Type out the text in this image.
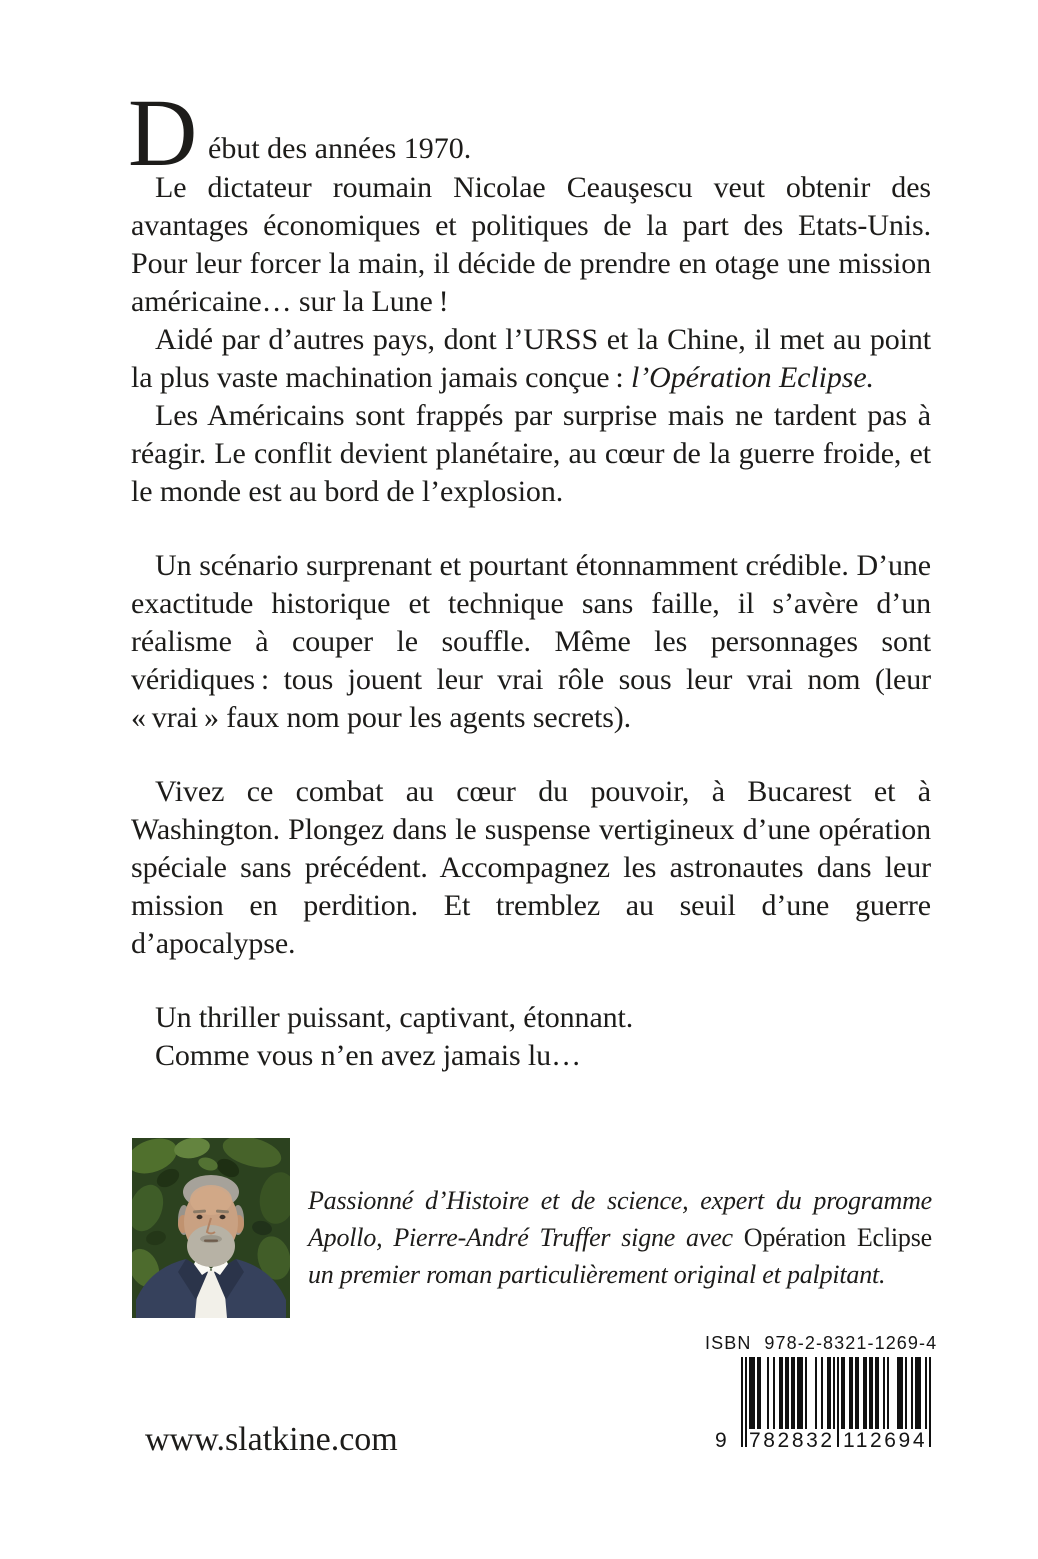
D ébut des années 1970.

Le dictateur roumain Nicolae Ceauşescu veut obtenir des avantages économiques et politiques de la part des Etats-Unis. Pour leur forcer la main, il décide de prendre en otage une mission américaine… sur la Lune !

Aidé par d’autres pays, dont l’URSS et la Chine, il met au point la plus vaste machination jamais conçue : l’Opération Eclipse.

Les Américains sont frappés par surprise mais ne tardent pas à réagir. Le conflit devient planétaire, au cœur de la guerre froide, et le monde est au bord de l’explosion.

Un scénario surprenant et pourtant étonnamment crédible. D’une exactitude historique et technique sans faille, il s’avère d’un réalisme à couper le souffle. Même les personnages sont véridiques : tous jouent leur vrai rôle sous leur vrai nom (leur « vrai » faux nom pour les agents secrets).

Vivez ce combat au cœur du pouvoir, à Bucarest et à Washington. Plongez dans le suspense vertigineux d’une opération spéciale sans précédent. Accompagnez les astronautes dans leur mission en perdition. Et tremblez au seuil d’une guerre d’apocalypse.

Un thriller puissant, captivant, étonnant.

Comme vous n’en avez jamais lu…

Passionné d’Histoire et de science, expert du programme Apollo, Pierre-André Truffer signe avec Opération Eclipse un premier roman particulièrement original et palpitant.
www.slatkine.com
ISBN 978-2-8321-1269-4
9 782832 112694
